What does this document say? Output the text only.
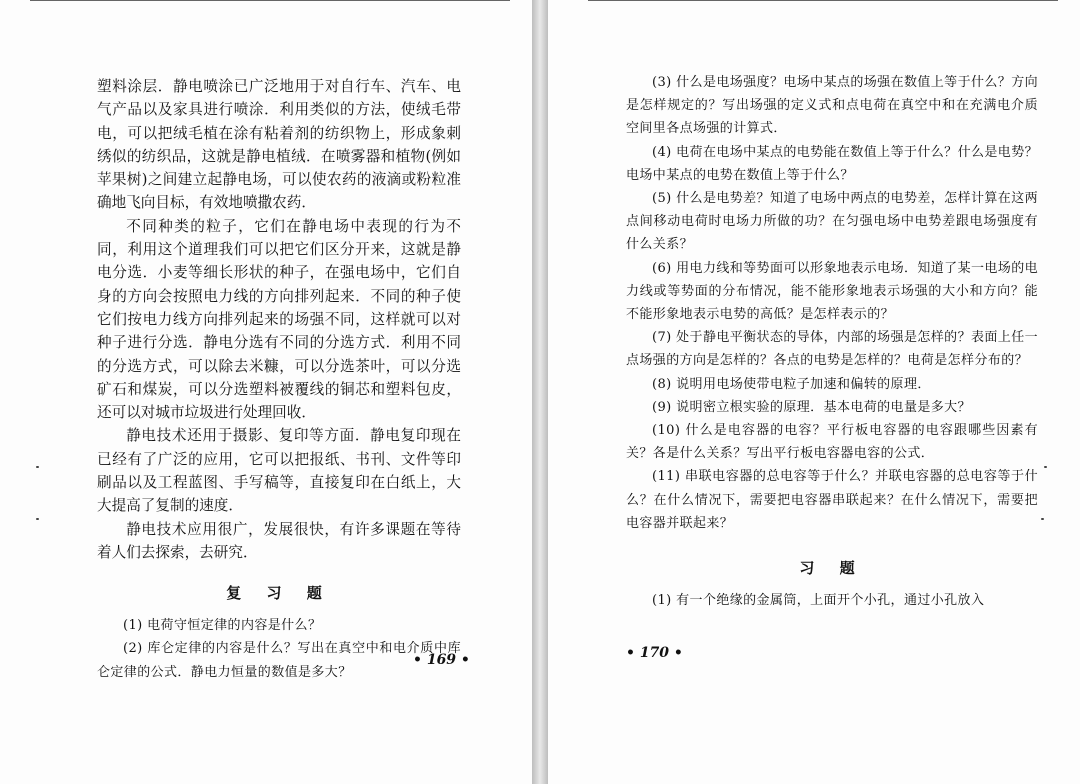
塑料涂层．静电喷涂已广泛地用于对自行车、汽车、电气产品以及家具进行喷涂．利用类似的方法，使绒毛带电，可以把绒毛植在涂有粘着剂的纺织物上，形成象刺绣似的纺织品，这就是静电植绒．在喷雾器和植物(例如苹果树)之间建立起静电场，可以使农药的液滴或粉粒准确地飞向目标，有效地喷撒农药．

不同种类的粒子，它们在静电场中表现的行为不同，利用这个道理我们可以把它们区分开来，这就是静电分选．小麦等细长形状的种子，在强电场中，它们自身的方向会按照电力线的方向排列起来．不同的种子使它们按电力线方向排列起来的场强不同，这样就可以对种子进行分选．静电分选有不同的分选方式．利用不同的分选方式，可以除去米糠，可以分选茶叶，可以分选矿石和煤炭，可以分选塑料被覆线的铜芯和塑料包皮，还可以对城市垃圾进行处理回收．

静电技术还用于摄影、复印等方面．静电复印现在已经有了广泛的应用，它可以把报纸、书刊、文件等印刷品以及工程蓝图、手写稿等，直接复印在白纸上，大大提高了复制的速度．

静电技术应用很广，发展很快，有许多课题在等待着人们去探索，去研究．

复 习 题

(1) 电荷守恒定律的内容是什么？

(2) 库仑定律的内容是什么？写出在真空中和电介质中库仑定律的公式．静电力恒量的数值是多大？

• 169 •

(3) 什么是电场强度？电场中某点的场强在数值上等于什么？方向是怎样规定的？写出场强的定义式和点电荷在真空中和在充满电介质空间里各点场强的计算式．

(4) 电荷在电场中某点的电势能在数值上等于什么？什么是电势？电场中某点的电势在数值上等于什么？

(5) 什么是电势差？知道了电场中两点的电势差，怎样计算在这两点间移动电荷时电场力所做的功？在匀强电场中电势差跟电场强度有什么关系？

(6) 用电力线和等势面可以形象地表示电场．知道了某一电场的电力线或等势面的分布情况，能不能形象地表示场强的大小和方向？能不能形象地表示电势的高低？是怎样表示的？

(7) 处于静电平衡状态的导体，内部的场强是怎样的？表面上任一点场强的方向是怎样的？各点的电势是怎样的？电荷是怎样分布的？

(8) 说明用电场使带电粒子加速和偏转的原理．

(9) 说明密立根实验的原理．基本电荷的电量是多大？

(10) 什么是电容器的电容？平行板电容器的电容跟哪些因素有关？各是什么关系？写出平行板电容器电容的公式．

(11) 串联电容器的总电容等于什么？并联电容器的总电容等于什么？在什么情况下，需要把电容器串联起来？在什么情况下，需要把电容器并联起来？

习 题

(1) 有一个绝缘的金属筒，上面开个小孔，通过小孔放入

• 170 •
